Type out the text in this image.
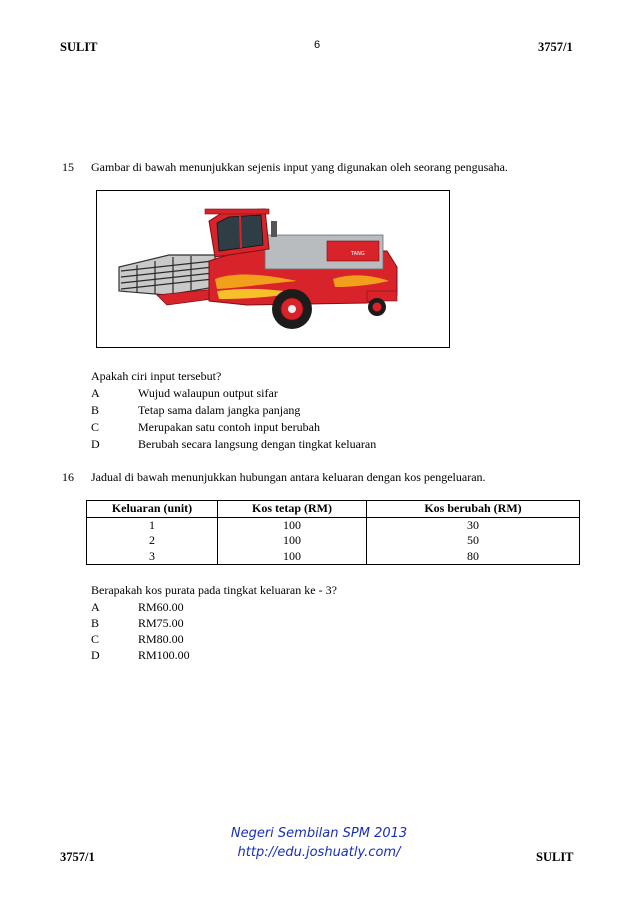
SULIT	6	3757/1
15 Gambar di bawah menunjukkan sejenis input yang digunakan oleh seorang pengusaha.
TANG
Apakah ciri input tersebut?
A	Wujud walaupun output sifar
B	Tetap sama dalam jangka panjang
C	Merupakan satu contoh input berubah
D	Berubah secara langsung dengan tingkat keluaran
16 Jadual di bawah menunjukkan hubungan antara keluaran dengan kos pengeluaran.
Keluaran (unit)	Kos tetap (RM)	Kos berubah (RM)
1	100	30
2	100	50
3	100	80
Berapakah kos purata pada tingkat keluaran ke - 3?
A	RM60.00
B	RM75.00
C	RM80.00
D	RM100.00
Negeri Sembilan SPM 2013
http://edu.joshuatly.com/
3757/1	SULIT
